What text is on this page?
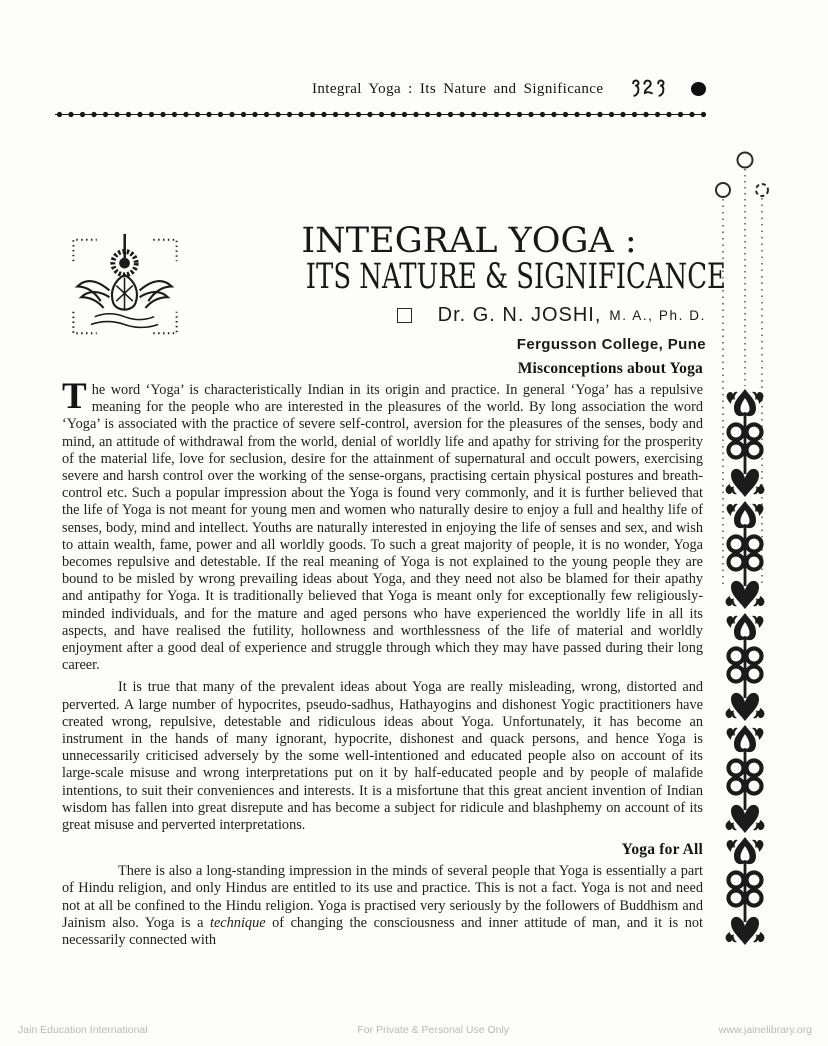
Integral Yoga : Its Nature and Significance
INTEGRAL YOGA :
ITS NATURE & SIGNIFICANCE
Dr. G. N. JOSHI, M. A., Ph. D.
Fergusson College, Pune
Misconceptions about Yoga

The word ‘Yoga’ is characteristically Indian in its origin and practice. In general ‘Yoga’ has a repulsive meaning for the people who are interested in the pleasures of the world. By long association the word ‘Yoga’ is associated with the practice of severe self-control, aversion for the pleasures of the senses, body and mind, an attitude of withdrawal from the world, denial of worldly life and apathy for striving for the prosperity of the material life, love for seclusion, desire for the attainment of supernatural and occult powers, exercising severe and harsh control over the working of the sense-organs, practising certain physical postures and breath-control etc. Such a popular impression about the Yoga is found very commonly, and it is further believed that the life of Yoga is not meant for young men and women who naturally desire to enjoy a full and healthy life of senses, body, mind and intellect. Youths are naturally interested in enjoying the life of senses and sex, and wish to attain wealth, fame, power and all worldly goods. To such a great majority of people, it is no wonder, Yoga becomes repulsive and detestable. If the real meaning of Yoga is not explained to the young people they are bound to be misled by wrong prevailing ideas about Yoga, and they need not also be blamed for their apathy and antipathy for Yoga. It is traditionally believed that Yoga is meant only for exceptionally few religiously-minded individuals, and for the mature and aged persons who have experienced the worldly life in all its aspects, and have realised the futility, hollowness and worthlessness of the life of material and worldly enjoyment after a good deal of experience and struggle through which they may have passed during their long career.

It is true that many of the prevalent ideas about Yoga are really misleading, wrong, distorted and perverted. A large number of hypocrites, pseudo-sadhus, Hathayogins and dishonest Yogic practitioners have created wrong, repulsive, detestable and ridiculous ideas about Yoga. Unfortunately, it has become an instrument in the hands of many ignorant, hypocrite, dishonest and quack persons, and hence Yoga is unnecessarily criticised adversely by the some well-intentioned and educated people also on account of its large-scale misuse and wrong interpretations put on it by half-educated people and by people of malafide intentions, to suit their conveniences and interests. It is a misfortune that this great ancient invention of Indian wisdom has fallen into great disrepute and has become a subject for ridicule and blashphemy on account of its great misuse and perverted interpretations.

Yoga for All

There is also a long-standing impression in the minds of several people that Yoga is essentially a part of Hindu religion, and only Hindus are entitled to its use and practice. This is not a fact. Yoga is not and need not at all be confined to the Hindu religion. Yoga is practised very seriously by the followers of Buddhism and Jainism also. Yoga is a technique of changing the consciousness and inner attitude of man, and it is not necessarily connected with

Jain Education International	For Private & Personal Use Only	www.jainelibrary.org
